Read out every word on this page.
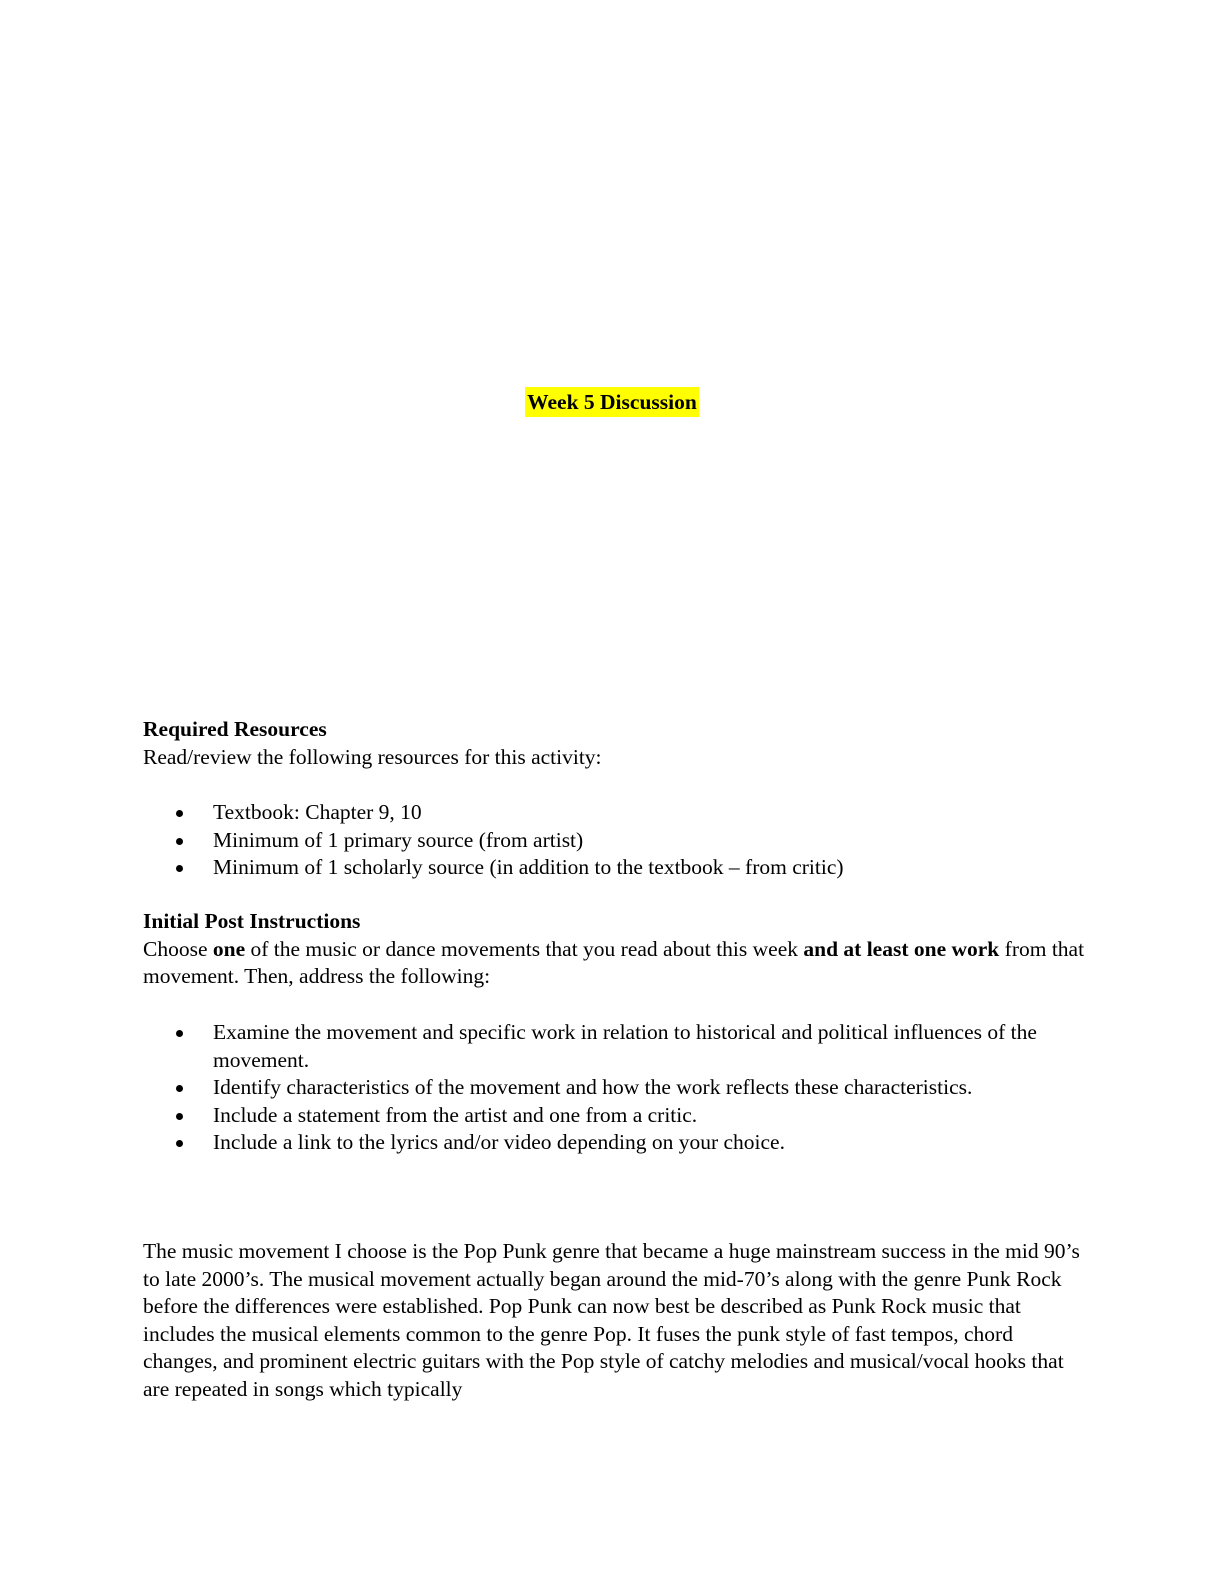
Week 5 Discussion

Required Resources

Read/review the following resources for this activity:

Textbook: Chapter 9, 10
Minimum of 1 primary source (from artist)
Minimum of 1 scholarly source (in addition to the textbook – from critic)

Initial Post Instructions

Choose one of the music or dance movements that you read about this week and at least one work from that movement. Then, address the following:

Examine the movement and specific work in relation to historical and political influences of the movement.
Identify characteristics of the movement and how the work reflects these characteristics.
Include a statement from the artist and one from a critic.
Include a link to the lyrics and/or video depending on your choice.

The music movement I choose is the Pop Punk genre that became a huge mainstream success in the mid 90’s to late 2000’s. The musical movement actually began around the mid-70’s along with the genre Punk Rock before the differences were established. Pop Punk can now best be described as Punk Rock music that includes the musical elements common to the genre Pop. It fuses the punk style of fast tempos, chord changes, and prominent electric guitars with the Pop style of catchy melodies and musical/vocal hooks that are repeated in songs which typically
